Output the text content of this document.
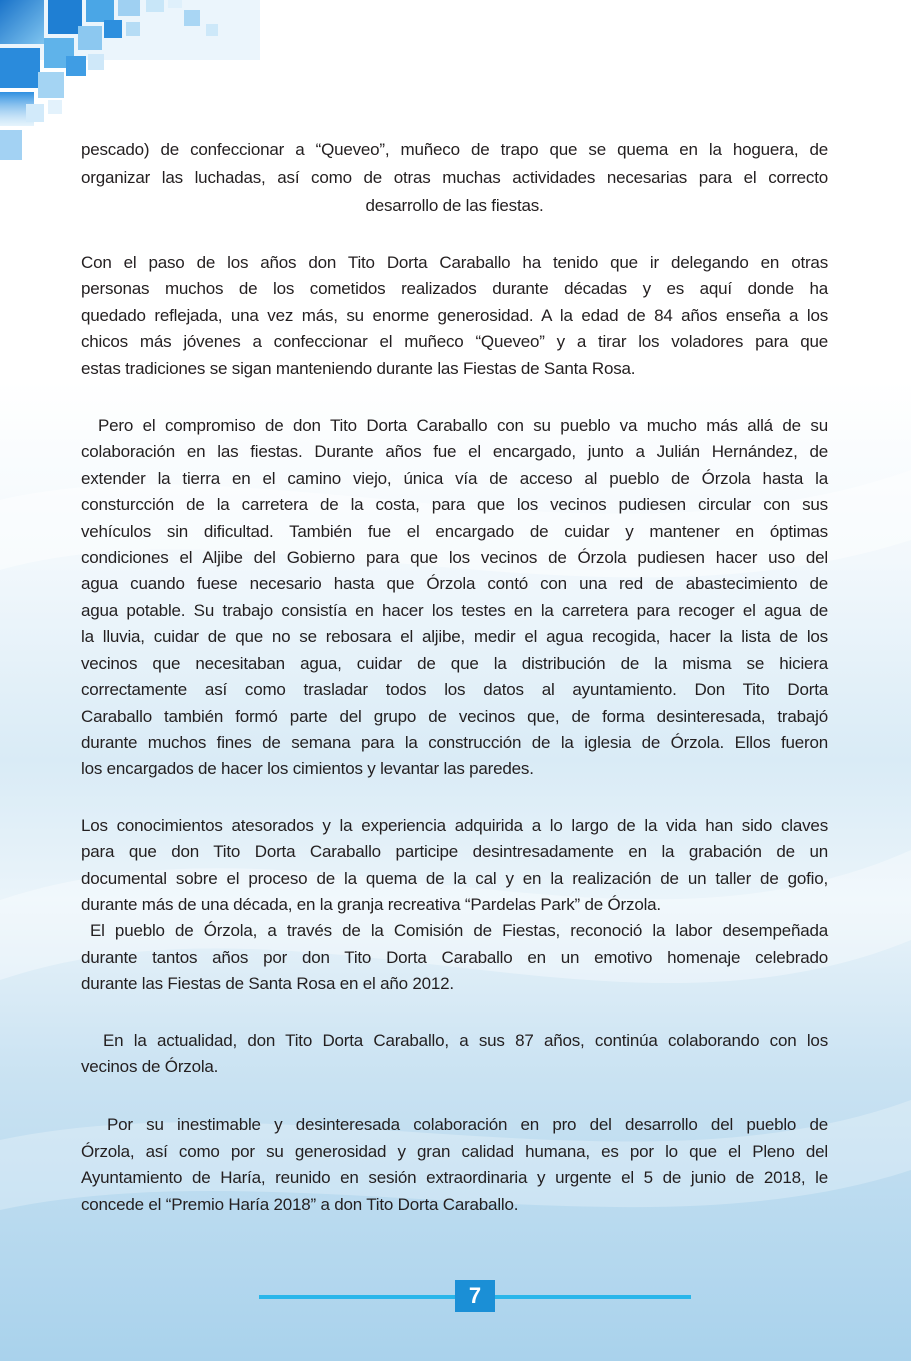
pescado) de confeccionar a “Queveo”, muñeco de trapo que se quema en la hoguera, de
organizar las luchadas, así como de otras muchas actividades necesarias para el correcto
desarrollo de las fiestas.

Con el paso de los años don Tito Dorta Caraballo ha tenido que ir delegando en otras
personas muchos de los cometidos realizados durante décadas y es aquí donde ha
quedado reflejada, una vez más, su enorme generosidad. A la edad de 84 años enseña a los
chicos más jóvenes a confeccionar el muñeco “Queveo” y a tirar los voladores para que
estas tradiciones se sigan manteniendo durante las Fiestas de Santa Rosa.

Pero el compromiso de don Tito Dorta Caraballo con su pueblo va mucho más allá de su
colaboración en las fiestas. Durante años fue el encargado, junto a Julián Hernández, de
extender la tierra en el camino viejo, única vía de acceso al pueblo de Órzola hasta la
consturcción de la carretera de la costa, para que los vecinos pudiesen circular con sus
vehículos sin dificultad. También fue el encargado de cuidar y mantener en óptimas
condiciones el Aljibe del Gobierno para que los vecinos de Órzola pudiesen hacer uso del
agua cuando fuese necesario hasta que Órzola contó con una red de abastecimiento de
agua potable. Su trabajo consistía en hacer los testes en la carretera para recoger el agua de
la lluvia, cuidar de que no se rebosara el aljibe, medir el agua recogida, hacer la lista de los
vecinos que necesitaban agua, cuidar de que la distribución de la misma se hiciera
correctamente así como trasladar todos los datos al ayuntamiento. Don Tito Dorta
Caraballo también formó parte del grupo de vecinos que, de forma desinteresada, trabajó
durante muchos fines de semana para la construcción de la iglesia de Órzola. Ellos fueron
los encargados de hacer los cimientos y levantar las paredes.

Los conocimientos atesorados y la experiencia adquirida a lo largo de la vida han sido claves
para que don Tito Dorta Caraballo participe desintresadamente en la grabación de un
documental sobre el proceso de la quema de la cal y en la realización de un taller de gofio,
durante más de una década, en la granja recreativa “Pardelas Park” de Órzola.

El pueblo de Órzola, a través de la Comisión de Fiestas, reconoció la labor desempeñada
durante tantos años por don Tito Dorta Caraballo en un emotivo homenaje celebrado
durante las Fiestas de Santa Rosa en el año 2012.

En la actualidad, don Tito Dorta Caraballo, a sus 87 años, continúa colaborando con los
vecinos de Órzola.

Por su inestimable y desinteresada colaboración en pro del desarrollo del pueblo de
Órzola, así como por su generosidad y gran calidad humana, es por lo que el Pleno del
Ayuntamiento de Haría, reunido en sesión extraordinaria y urgente el 5 de junio de 2018, le
concede el “Premio Haría 2018” a don Tito Dorta Caraballo.

7
